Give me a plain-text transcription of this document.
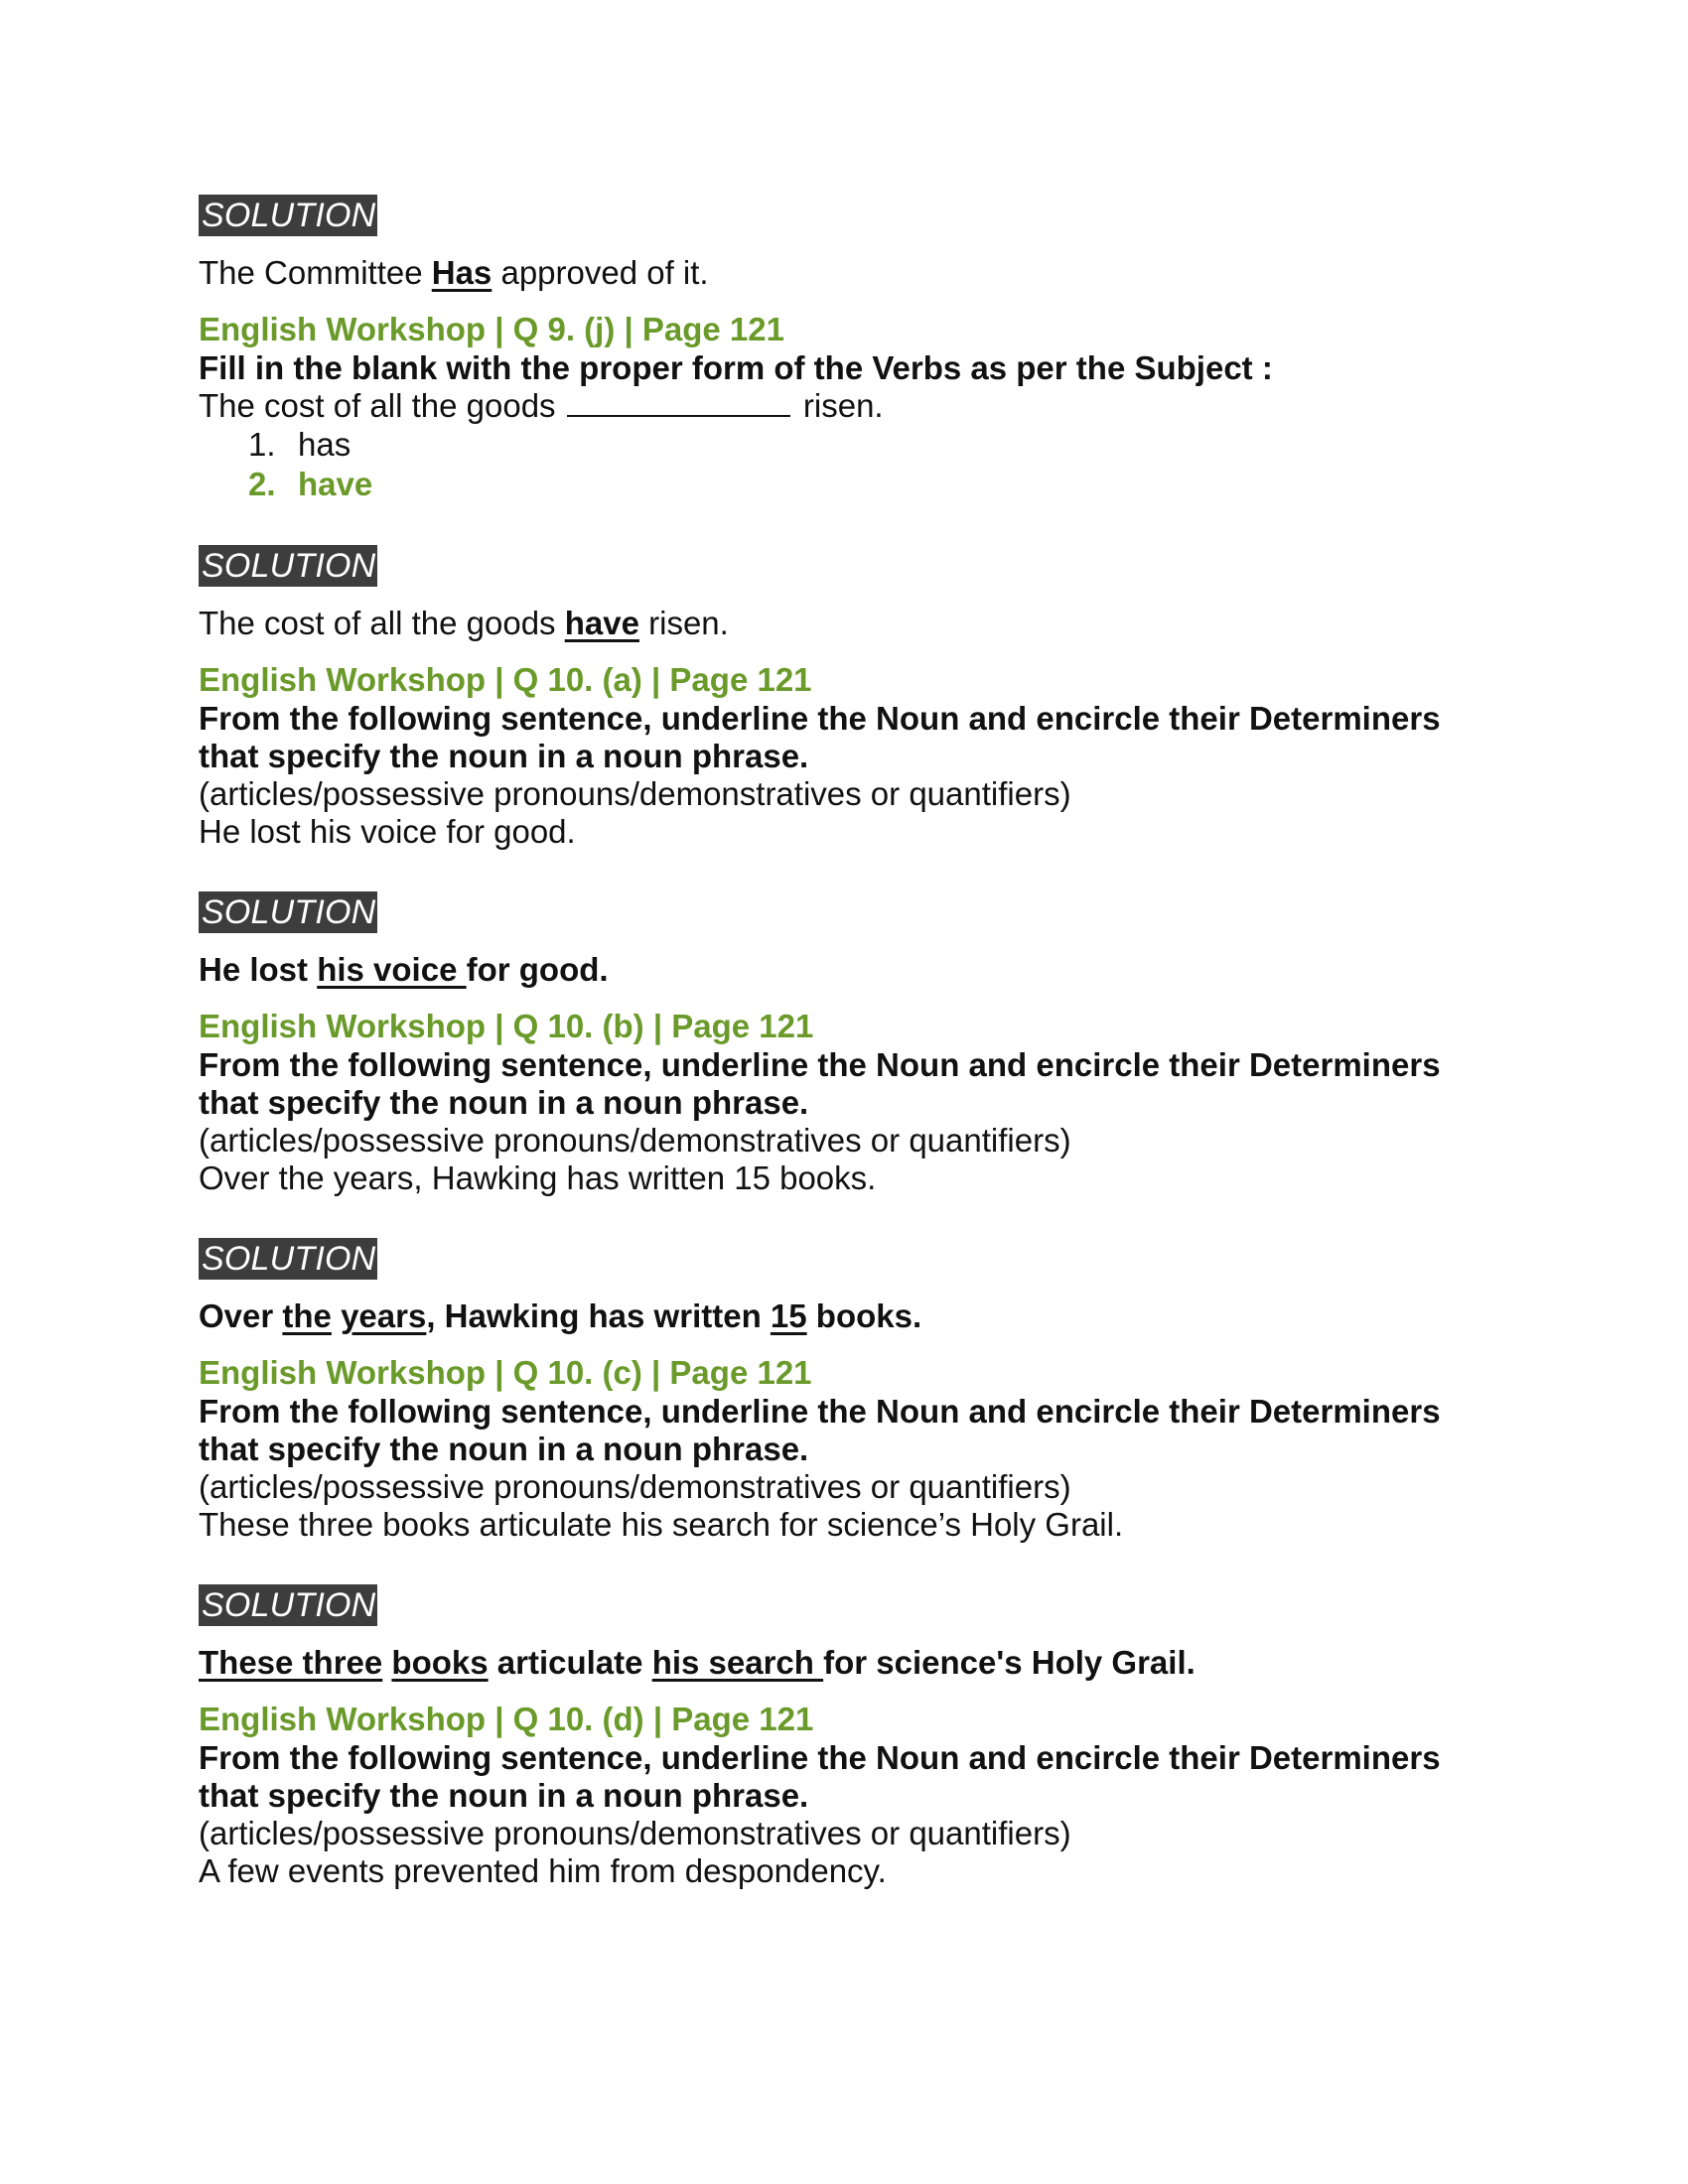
SOLUTION
The Committee Has approved of it.
English Workshop | Q 9. (j) | Page 121
Fill in the blank with the proper form of the Verbs as per the Subject :
The cost of all the goods	risen.
1. has
2. have
SOLUTION
The cost of all the goods have risen.
English Workshop | Q 10. (a) | Page 121
From the following sentence, underline the Noun and encircle their Determiners
that specify the noun in a noun phrase.
(articles/possessive pronouns/demonstratives or quantifiers)
He lost his voice for good.
SOLUTION
He lost his voice for good.
English Workshop | Q 10. (b) | Page 121
From the following sentence, underline the Noun and encircle their Determiners
that specify the noun in a noun phrase.
(articles/possessive pronouns/demonstratives or quantifiers)
Over the years, Hawking has written 15 books.
SOLUTION
Over the years, Hawking has written 15 books.
English Workshop | Q 10. (c) | Page 121
From the following sentence, underline the Noun and encircle their Determiners
that specify the noun in a noun phrase.
(articles/possessive pronouns/demonstratives or quantifiers)
These three books articulate his search for science’s Holy Grail.
SOLUTION
These three books articulate his search for science's Holy Grail.
English Workshop | Q 10. (d) | Page 121
From the following sentence, underline the Noun and encircle their Determiners
that specify the noun in a noun phrase.
(articles/possessive pronouns/demonstratives or quantifiers)
A few events prevented him from despondency.
